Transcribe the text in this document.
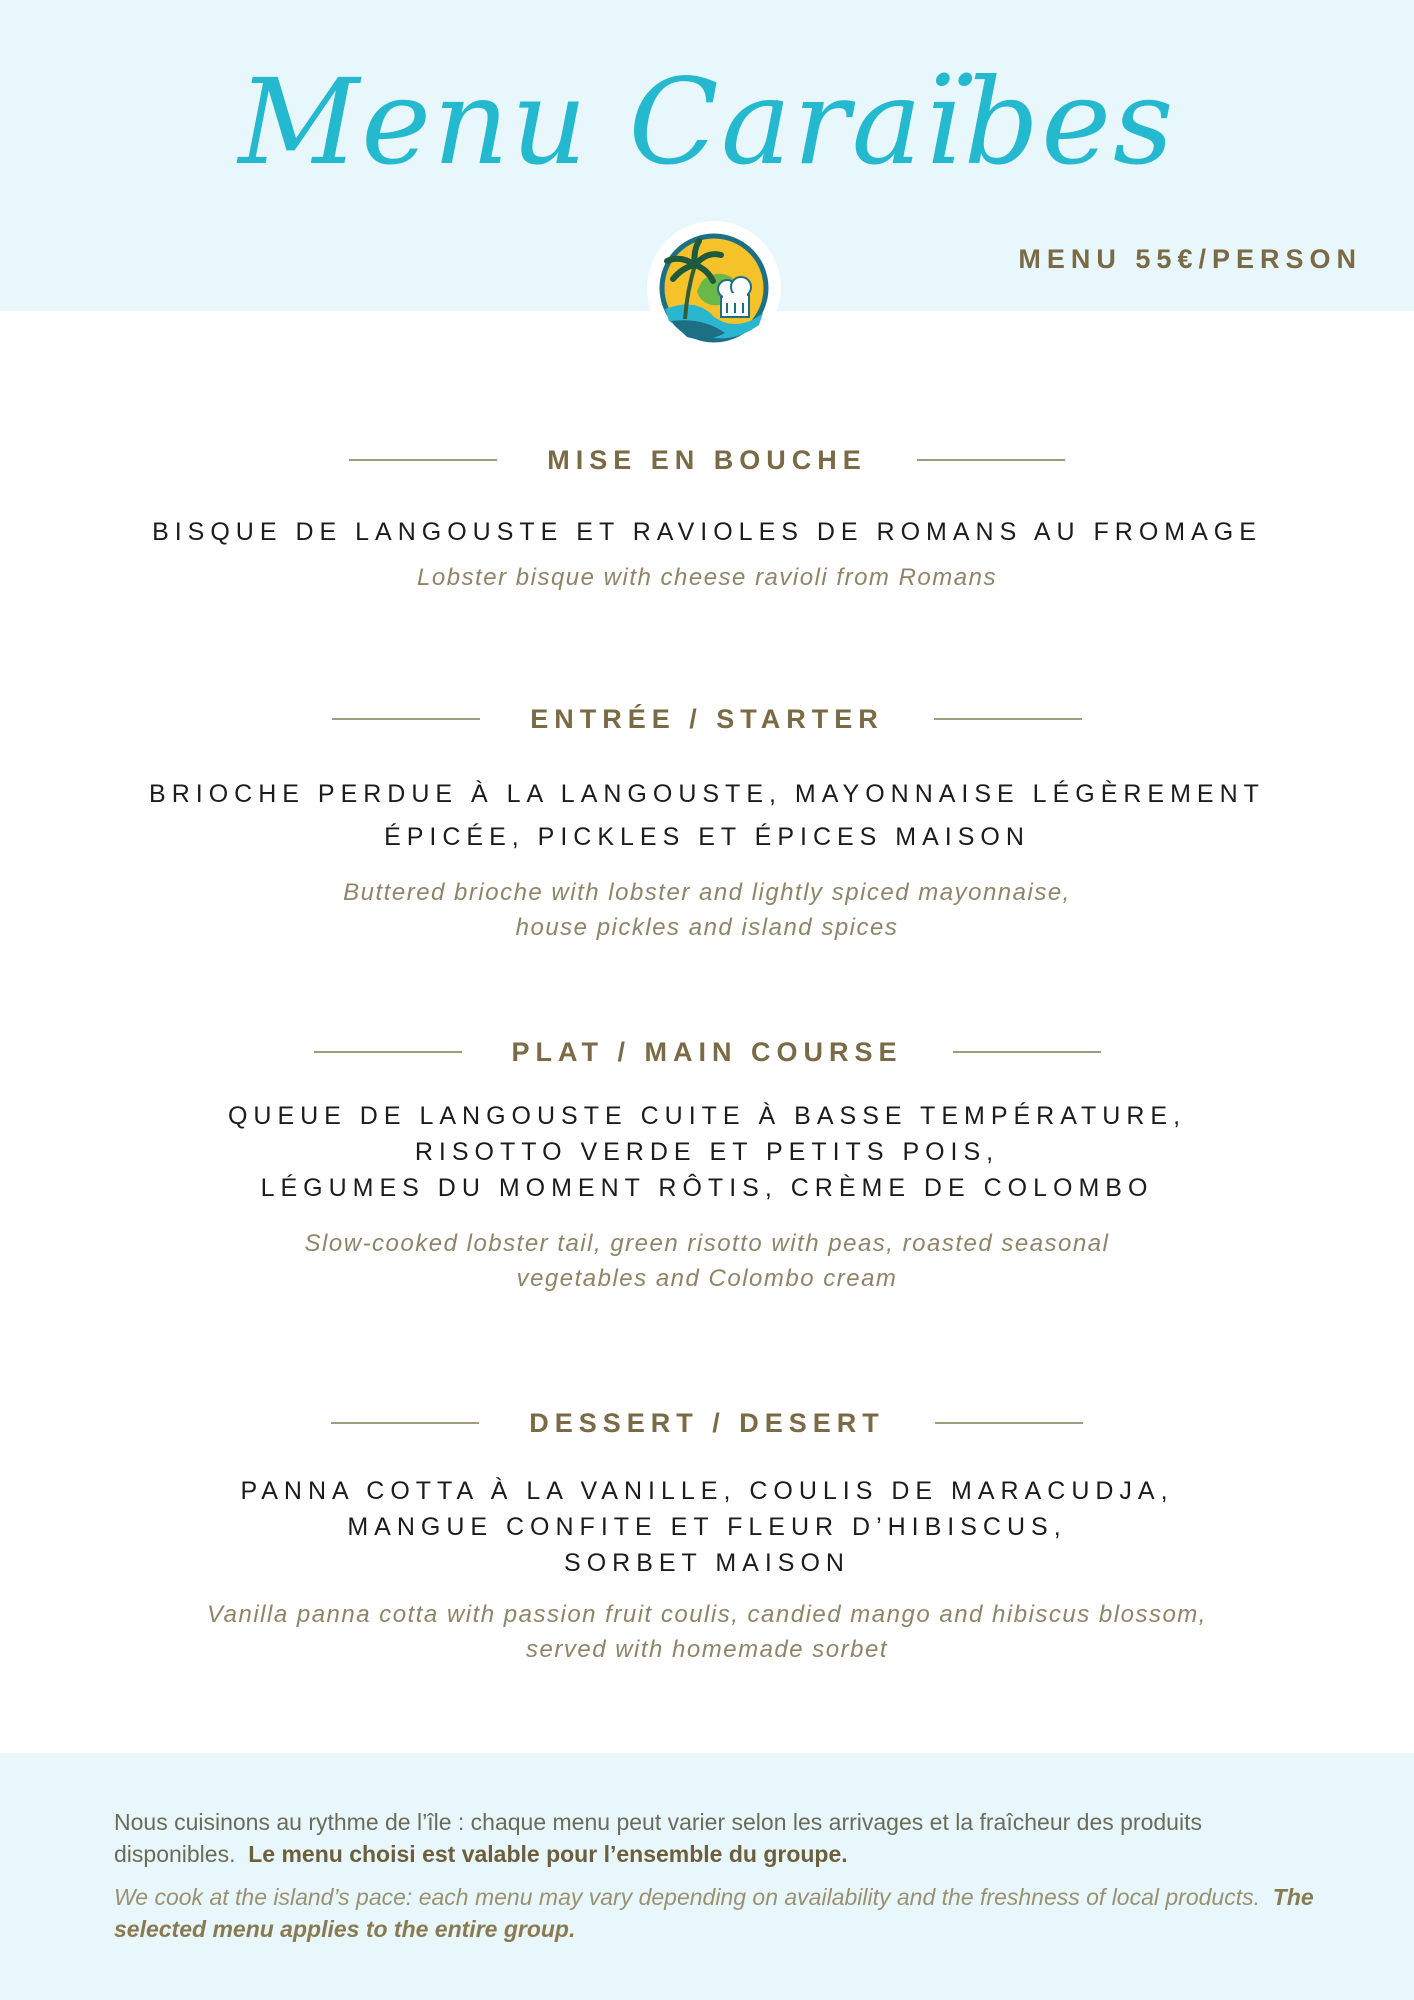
Menu Caraïbes
MENU 55€/PERSON
MISE EN BOUCHE
BISQUE DE LANGOUSTE ET RAVIOLES DE ROMANS AU FROMAGE
Lobster bisque with cheese ravioli from Romans
ENTRÉE / STARTER
BRIOCHE PERDUE À LA LANGOUSTE, MAYONNAISE LÉGÈREMENT
ÉPICÉE, PICKLES ET ÉPICES MAISON
Buttered brioche with lobster and lightly spiced mayonnaise,
house pickles and island spices
PLAT / MAIN COURSE
QUEUE DE LANGOUSTE CUITE À BASSE TEMPÉRATURE,
RISOTTO VERDE ET PETITS POIS,
LÉGUMES DU MOMENT RÔTIS, CRÈME DE COLOMBO
Slow-cooked lobster tail, green risotto with peas, roasted seasonal
vegetables and Colombo cream
DESSERT / DESERT
PANNA COTTA À LA VANILLE, COULIS DE MARACUDJA,
MANGUE CONFITE ET FLEUR D’HIBISCUS,
SORBET MAISON
Vanilla panna cotta with passion fruit coulis, candied mango and hibiscus blossom,
served with homemade sorbet
Nous cuisinons au rythme de l’île : chaque menu peut varier selon les arrivages et la fraîcheur des produits disponibles. Le menu choisi est valable pour l’ensemble du groupe.
We cook at the island’s pace: each menu may vary depending on availability and the freshness of local products. The selected menu applies to the entire group.
